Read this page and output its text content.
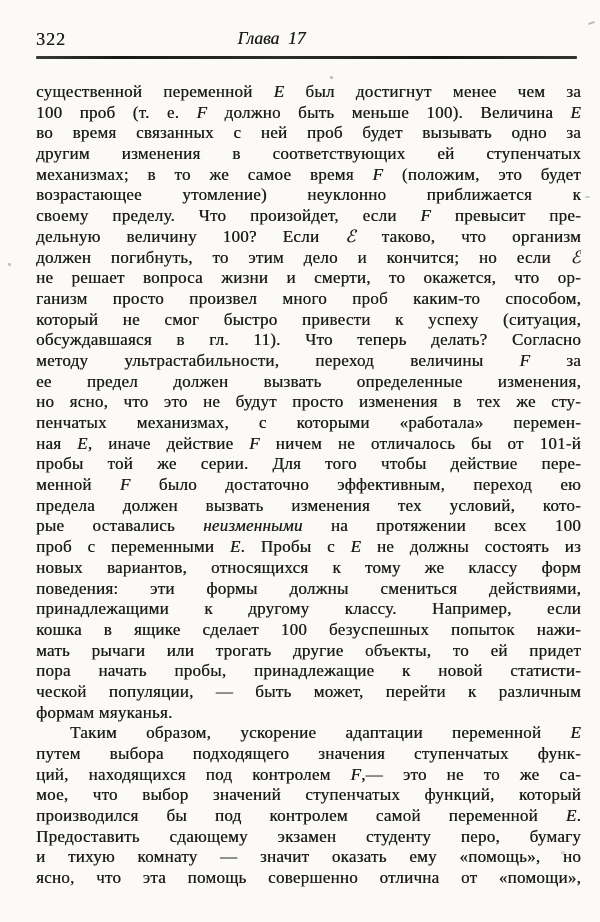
322	Глава  17
существенной переменной Е был достигнут менее чем за
100 проб (т. е. F должно быть меньше 100). Величина Е
во время связанных с ней проб будет вызывать одно за
другим изменения в соответствующих ей ступенчатых
механизмах; в то же самое время F (положим, это будет
возрастающее утомление) неуклонно приближается к
своему пределу. Что произойдет, если F превысит пре-
дельную величину 100? Если ℰ таково, что организм
должен погибнуть, то этим дело и кончится; но если ℰ
не решает вопроса жизни и смерти, то окажется, что ор-
ганизм просто произвел много проб каким-то способом,
который не смог быстро привести к успеху (ситуация,
обсуждавшаяся в гл. 11). Что теперь делать? Согласно
методу ультрастабильности, переход величины F за
ее предел должен вызвать определенные изменения,
но ясно, что это не будут просто изменения в тех же сту-
пенчатых механизмах, с которыми «работала» перемен-
ная Е, иначе действие F ничем не отличалось бы от 101-й
пробы той же серии. Для того чтобы действие пере-
менной F было достаточно эффективным, переход ею
предела должен вызвать изменения тех условий, кото-
рые оставались неизменными на протяжении всех 100
проб с переменными Е. Пробы с Е не должны состоять из
новых вариантов, относящихся к тому же классу форм
поведения: эти формы должны смениться действиями,
принадлежащими к другому классу. Например, если
кошка в ящике сделает 100 безуспешных попыток нажи-
мать рычаги или трогать другие объекты, то ей придет
пора начать пробы, принадлежащие к новой статисти-
ческой популяции, — быть может, перейти к различным
формам мяуканья.
Таким образом, ускорение адаптации переменной Е
путем выбора подходящего значения ступенчатых функ-
ций, находящихся под контролем F,— это не то же са-
мое, что выбор значений ступенчатых функций, который
производился бы под контролем самой переменной Е.
Предоставить сдающему экзамен студенту перо, бумагу
и тихую комнату — значит оказать ему «помощь», но
ясно, что эта помощь совершенно отлична от «помощи»,
